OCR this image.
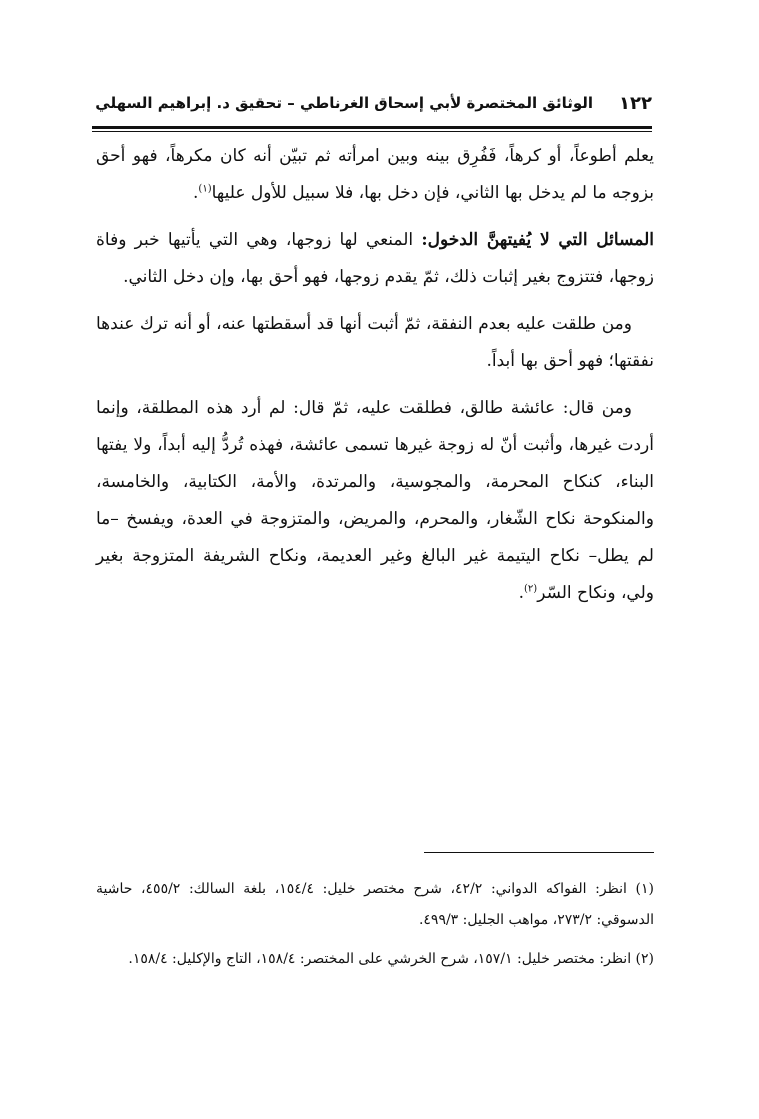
١٢٢
الوثائق المختصرة لأبي إسحاق الغرناطي – تحقيق د. إبراهيم السهلي

يعلم أطوعاً، أو كرهاً، فَفُرِق بينه وبين امرأته ثم تبيّن أنه كان مكرهاً، فهو أحق بزوجه ما لم يدخل بها الثاني، فإن دخل بها، فلا سبيل للأول عليها$^{(١)}$.

المسائل التي لا يُفيتهنَّ الدخول: المنعي لها زوجها، وهي التي يأتيها خبر وفاة زوجها، فتتزوج بغير إثبات ذلك، ثمّ يقدم زوجها، فهو أحق بها، وإن دخل الثاني.

ومن طلقت عليه بعدم النفقة، ثمّ أثبت أنها قد أسقطتها عنه، أو أنه ترك عندها نفقتها؛ فهو أحق بها أبداً.

ومن قال: عائشة طالق، فطلقت عليه، ثمّ قال: لم أرد هذه المطلقة، وإنما أردت غيرها، وأثبت أنّ له زوجة غيرها تسمى عائشة، فهذه تُردُّ إليه أبداً، ولا يفتها البناء، كنكاح المحرمة، والمجوسية، والمرتدة، والأمة، الكتابية، والخامسة، والمنكوحة نكاح الشّغار، والمحرم، والمريض، والمتزوجة في العدة، ويفسخ –ما لم يطل– نكاح اليتيمة غير البالغ وغير العديمة، ونكاح الشريفة المتزوجة بغير ولي، ونكاح السّر$^{(٢)}$.

(١) انظر: الفواكه الدواني: ٤٢/٢، شرح مختصر خليل: ١٥٤/٤، بلغة السالك: ٤٥٥/٢، حاشية الدسوقي: ٢٧٣/٢، مواهب الجليل: ٤٩٩/٣.

(٢) انظر: مختصر خليل: ١٥٧/١، شرح الخرشي على المختصر: ١٥٨/٤، التاج والإكليل: ١٥٨/٤.
